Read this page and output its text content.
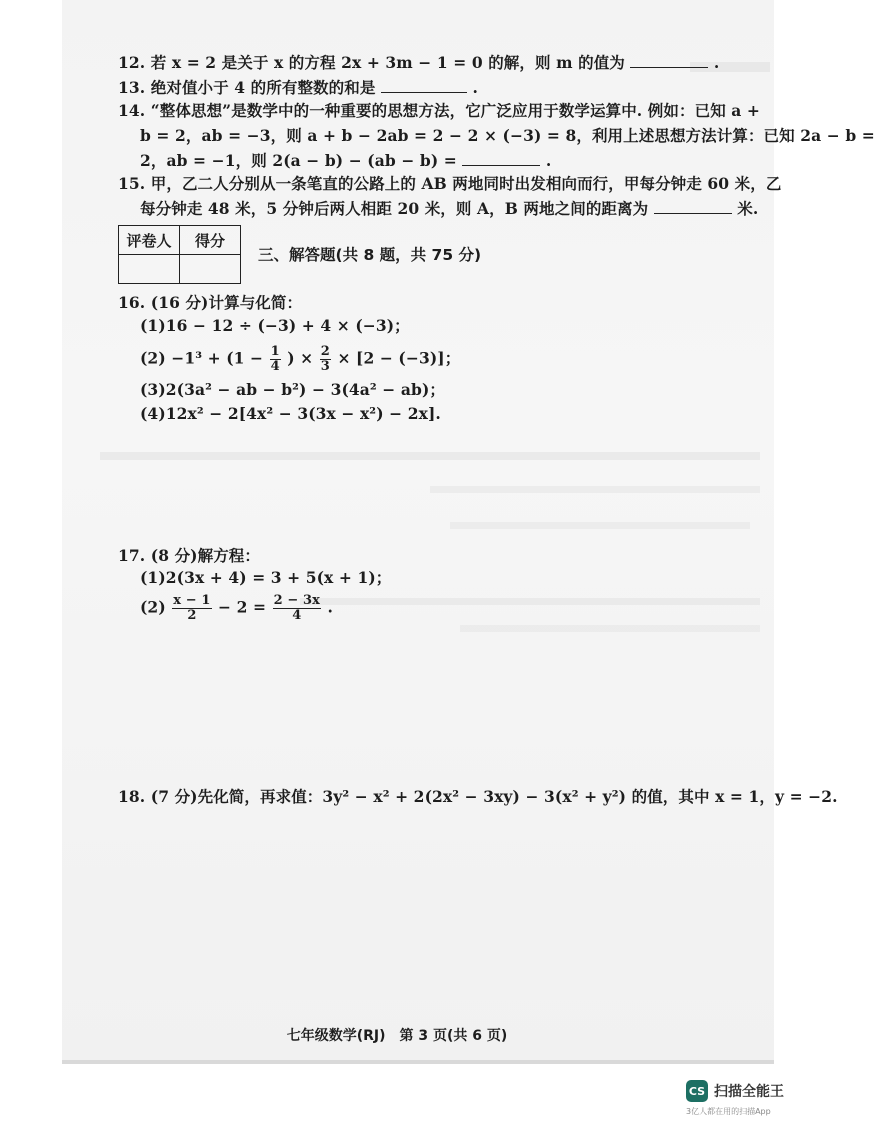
12. 若 x = 2 是关于 x 的方程 2x + 3m − 1 = 0 的解，则 m 的值为	.
13. 绝对值小于 4 的所有整数的和是	.
14. “整体思想”是数学中的一种重要的思想方法，它广泛应用于数学运算中. 例如：已知 a +
b = 2，ab = −3，则 a + b − 2ab = 2 − 2 × (−3) = 8，利用上述思想方法计算：已知 2a − b =
2，ab = −1，则 2(a − b) − (ab − b) =	.
15. 甲，乙二人分别从一条笔直的公路上的 AB 两地同时出发相向而行，甲每分钟走 60 米，乙
每分钟走 48 米，5 分钟后两人相距 20 米，则 A，B 两地之间的距离为	米.
评卷人	得分

三、解答题(共 8 题，共 75 分)
16. (16 分)计算与化简：
(1)16 − 12 ÷ (−3) + 4 × (−3)；
$(2) -1^3 + (1 - \frac{1}{4}$ ) × $\frac{2}{3} \times [2 - (-3)]$；
(3)2(3a² − ab − b²) − 3(4a² − ab)；
(4)12x² − 2[4x² − 3(3x − x²) − 2x].
17. (8 分)解方程：
(1)2(3x + 4) = 3 + 5(x + 1)；
$(2) \frac{x - 1}{2} - 2 = \frac{2 - 3x}{4}$ .
18. (7 分)先化简，再求值：3y² − x² + 2(2x² − 3xy) − 3(x² + y²) 的值，其中 x = 1，y = −2.
七年级数学(RJ)　第 3 页(共 6 页)
CS 扫描全能王
3亿人都在用的扫描App
